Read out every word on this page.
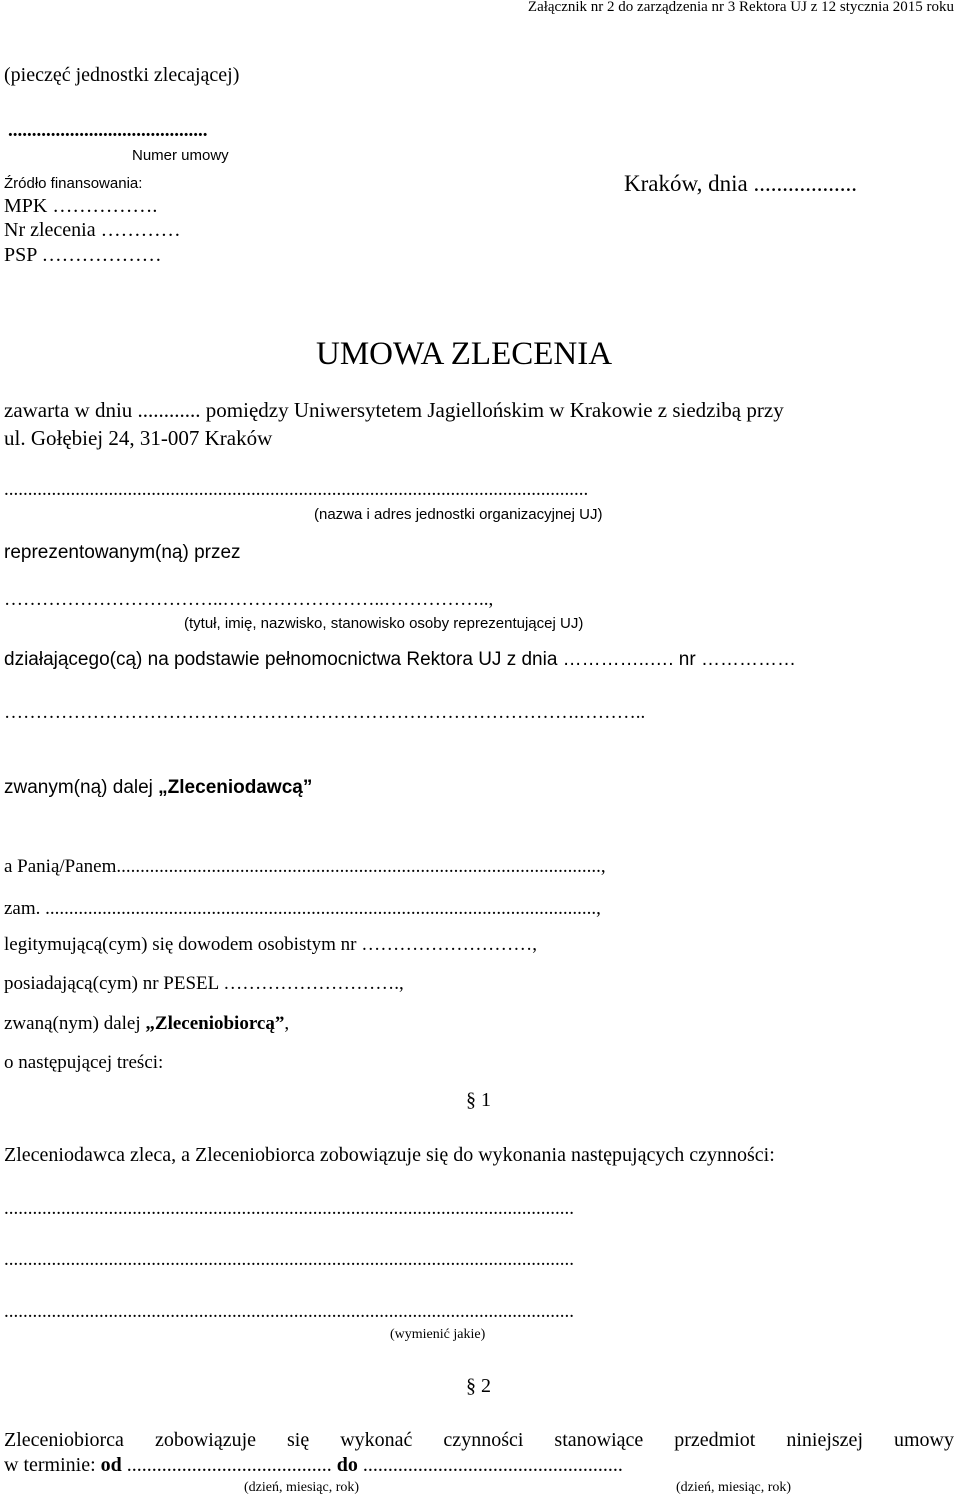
Załącznik nr 2 do zarządzenia nr 3 Rektora UJ z 12 stycznia 2015 roku
(pieczęć jednostki zlecającej)
..........................................
Numer umowy
Źródło finansowania:
MPK …………….
Nr zlecenia …………
PSP ………………
Kraków, dnia ..................
UMOWA ZLECENIA
zawarta w dniu ............ pomiędzy Uniwersytetem Jagiellońskim w Krakowie z siedzibą przy
ul. Gołębiej 24, 31-007 Kraków
...........................................................................................................................
(nazwa i adres jednostki organizacyjnej UJ)
reprezentowanym(ną) przez
……………………………..……………………..……………..,
(tytuł, imię, nazwisko, stanowisko osoby reprezentującej UJ)
działającego(cą) na podstawie pełnomocnictwa Rektora UJ z dnia …………..…. nr ……………
……………………………………………………………………………….………..
zwanym(ną) dalej „Zleceniodawcą”
a Panią/Panem......................................................................................................,
zam. ....................................................................................................................,
legitymującą(cym) się dowodem osobistym nr ………………………,
posiadającą(cym) nr PESEL ……………………….,
zwaną(nym) dalej „Zleceniobiorcą”,
o następującej treści:
§ 1
Zleceniodawca zleca, a Zleceniobiorca zobowiązuje się do wykonania następujących czynności:
........................................................................................................................
........................................................................................................................
........................................................................................................................
(wymienić jakie)
§ 2
Zleceniobiorca zobowiązuje się wykonać czynności stanowiące przedmiot niniejszej umowy
w terminie: od ......................................... do ....................................................
(dzień, miesiąc, rok)	(dzień, miesiąc, rok)
